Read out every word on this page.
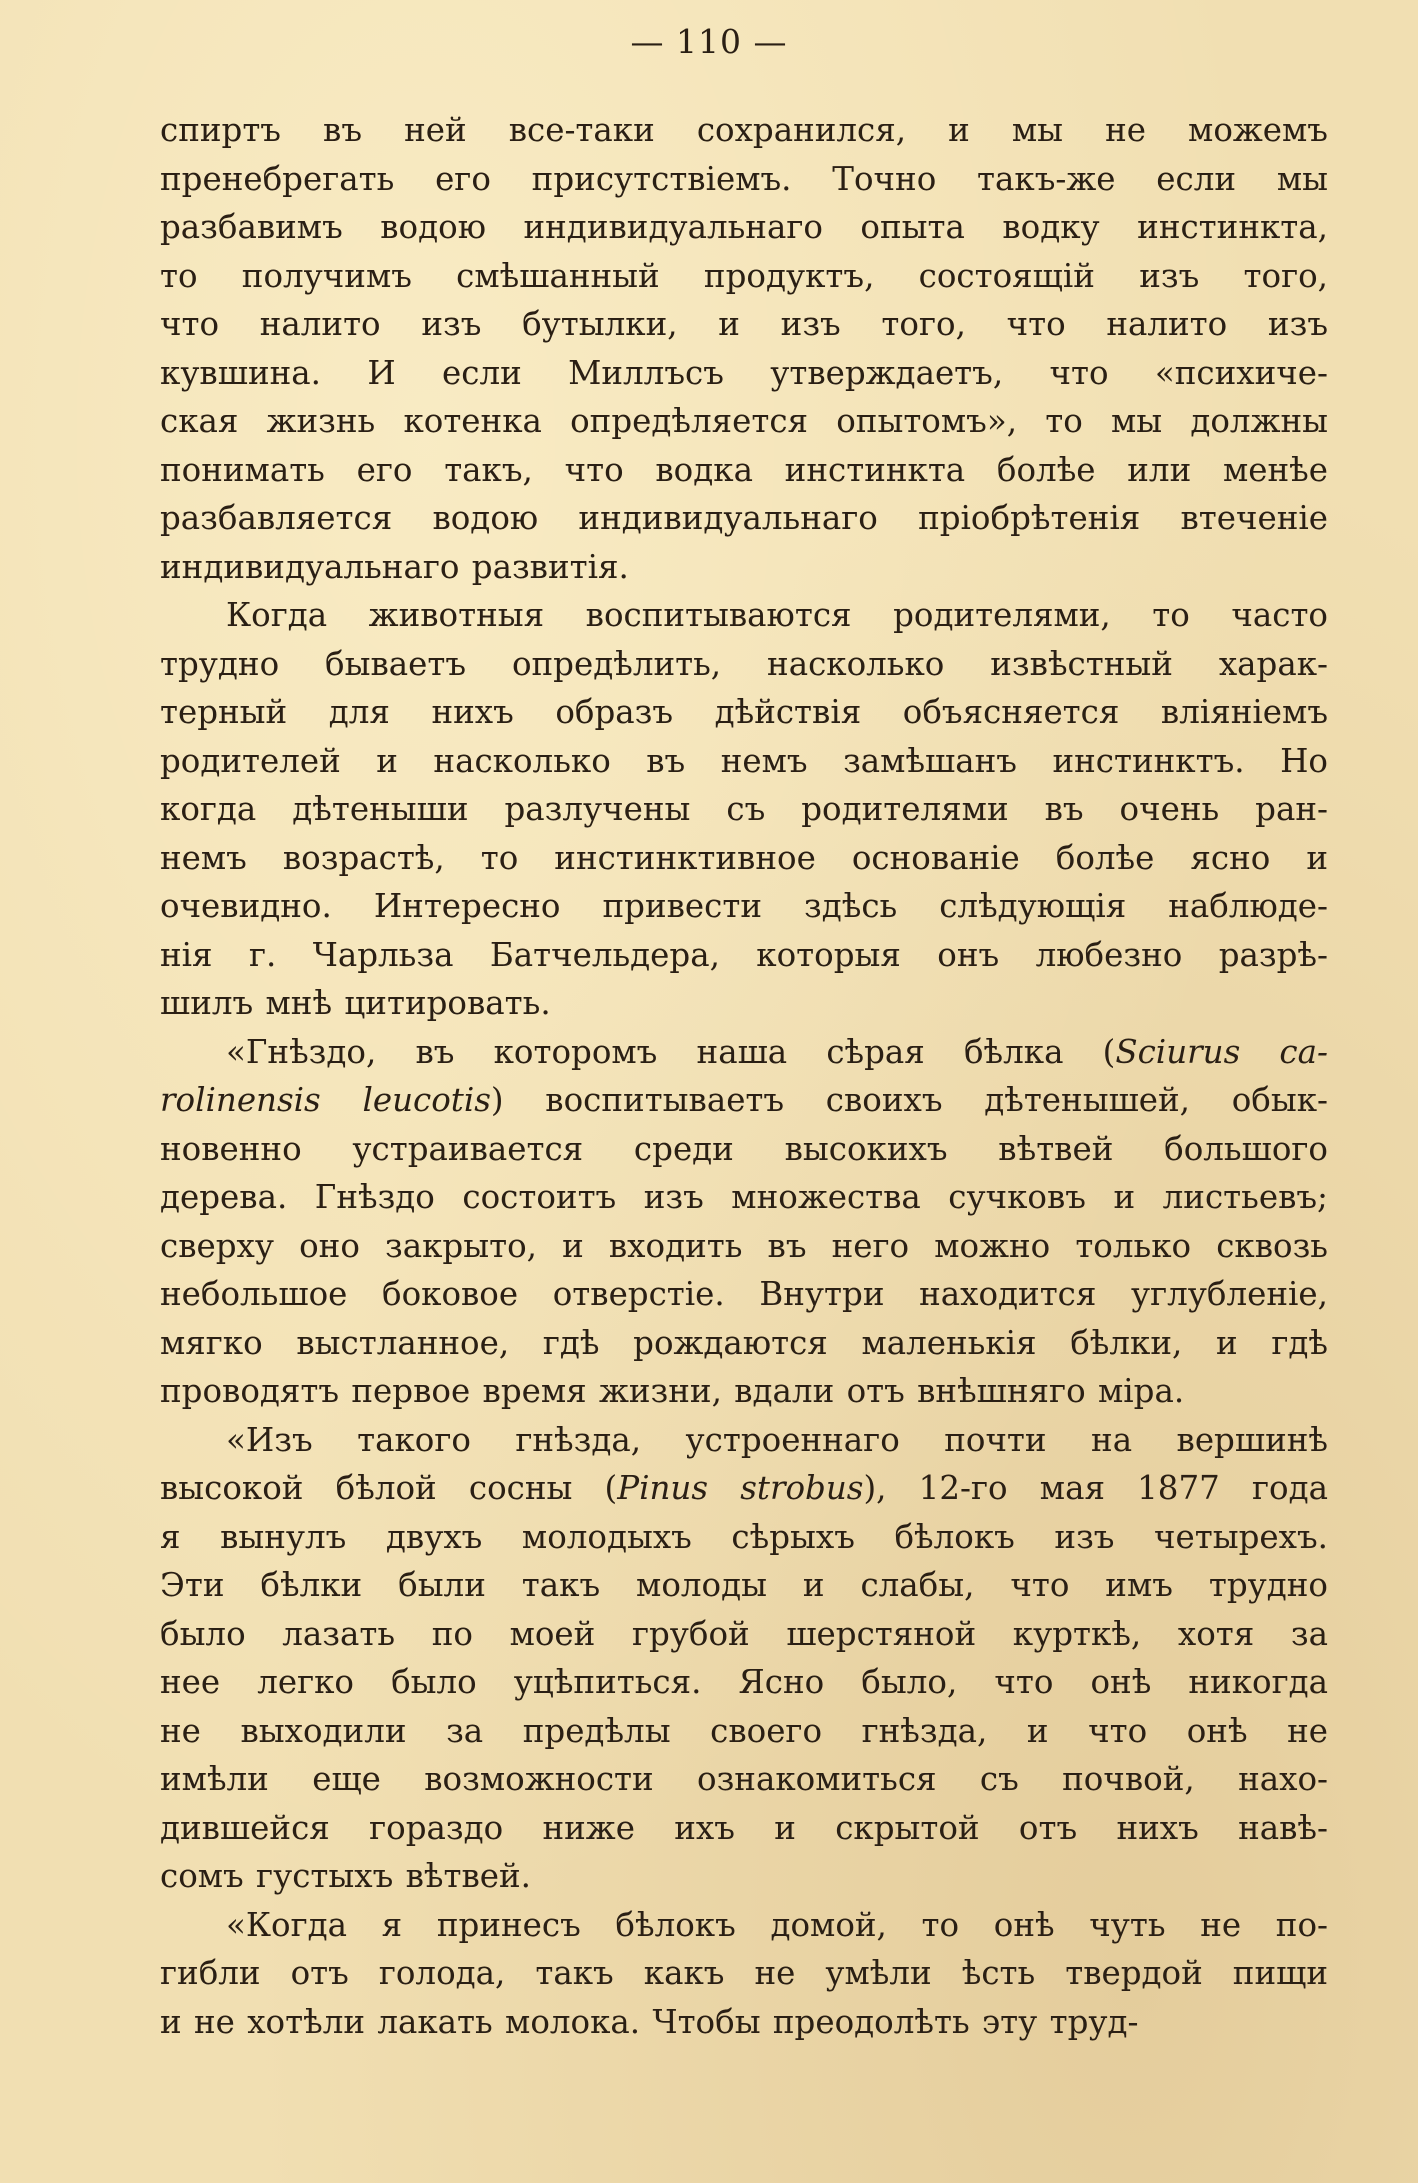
— 110 —
спиртъ въ ней все-таки сохранился, и мы не можемъ
пренебрегать его присутствіемъ. Точно такъ-же если мы
разбавимъ водою индивидуальнаго опыта водку инстинкта,
то получимъ смѣшанный продуктъ, состоящій изъ того,
что налито изъ бутылки, и изъ того, что налито изъ
кувшина. И если Миллъсъ утверждаетъ, что «психиче-
ская жизнь котенка опредѣляется опытомъ», то мы должны
понимать его такъ, что водка инстинкта болѣе или менѣе
разбавляется водою индивидуальнаго пріобрѣтенія втеченіе
индивидуальнаго развитія.
Когда животныя воспитываются родителями, то часто
трудно бываетъ опредѣлить, насколько извѣстный харак-
терный для нихъ образъ дѣйствія объясняется вліяніемъ
родителей и насколько въ немъ замѣшанъ инстинктъ. Но
когда дѣтеныши разлучены съ родителями въ очень ран-
немъ возрастѣ, то инстинктивное основаніе болѣе ясно и
очевидно. Интересно привести здѣсь слѣдующія наблюде-
нія г. Чарльза Батчельдера, которыя онъ любезно разрѣ-
шилъ мнѣ цитировать.
«Гнѣздо, въ которомъ наша сѣрая бѣлка (Sciurus ca-
rolinensis leucotis) воспитываетъ своихъ дѣтенышей, обык-
новенно устраивается среди высокихъ вѣтвей большого
дерева. Гнѣздо состоитъ изъ множества сучковъ и листьевъ;
сверху оно закрыто, и входить въ него можно только сквозь
небольшое боковое отверстіе. Внутри находится углубленіе,
мягко выстланное, гдѣ рождаются маленькія бѣлки, и гдѣ
проводятъ первое время жизни, вдали отъ внѣшняго міра.
«Изъ такого гнѣзда, устроеннаго почти на вершинѣ
высокой бѣлой сосны (Pinus strobus), 12-го мая 1877 года
я вынулъ двухъ молодыхъ сѣрыхъ бѣлокъ изъ четырехъ.
Эти бѣлки были такъ молоды и слабы, что имъ трудно
было лазать по моей грубой шерстяной курткѣ, хотя за
нее легко было уцѣпиться. Ясно было, что онѣ никогда
не выходили за предѣлы своего гнѣзда, и что онѣ не
имѣли еще возможности ознакомиться съ почвой, нахо-
дившейся гораздо ниже ихъ и скрытой отъ нихъ навѣ-
сомъ густыхъ вѣтвей.
«Когда я принесъ бѣлокъ домой, то онѣ чуть не по-
гибли отъ голода, такъ какъ не умѣли ѣсть твердой пищи
и не хотѣли лакать молока. Чтобы преодолѣть эту труд-
